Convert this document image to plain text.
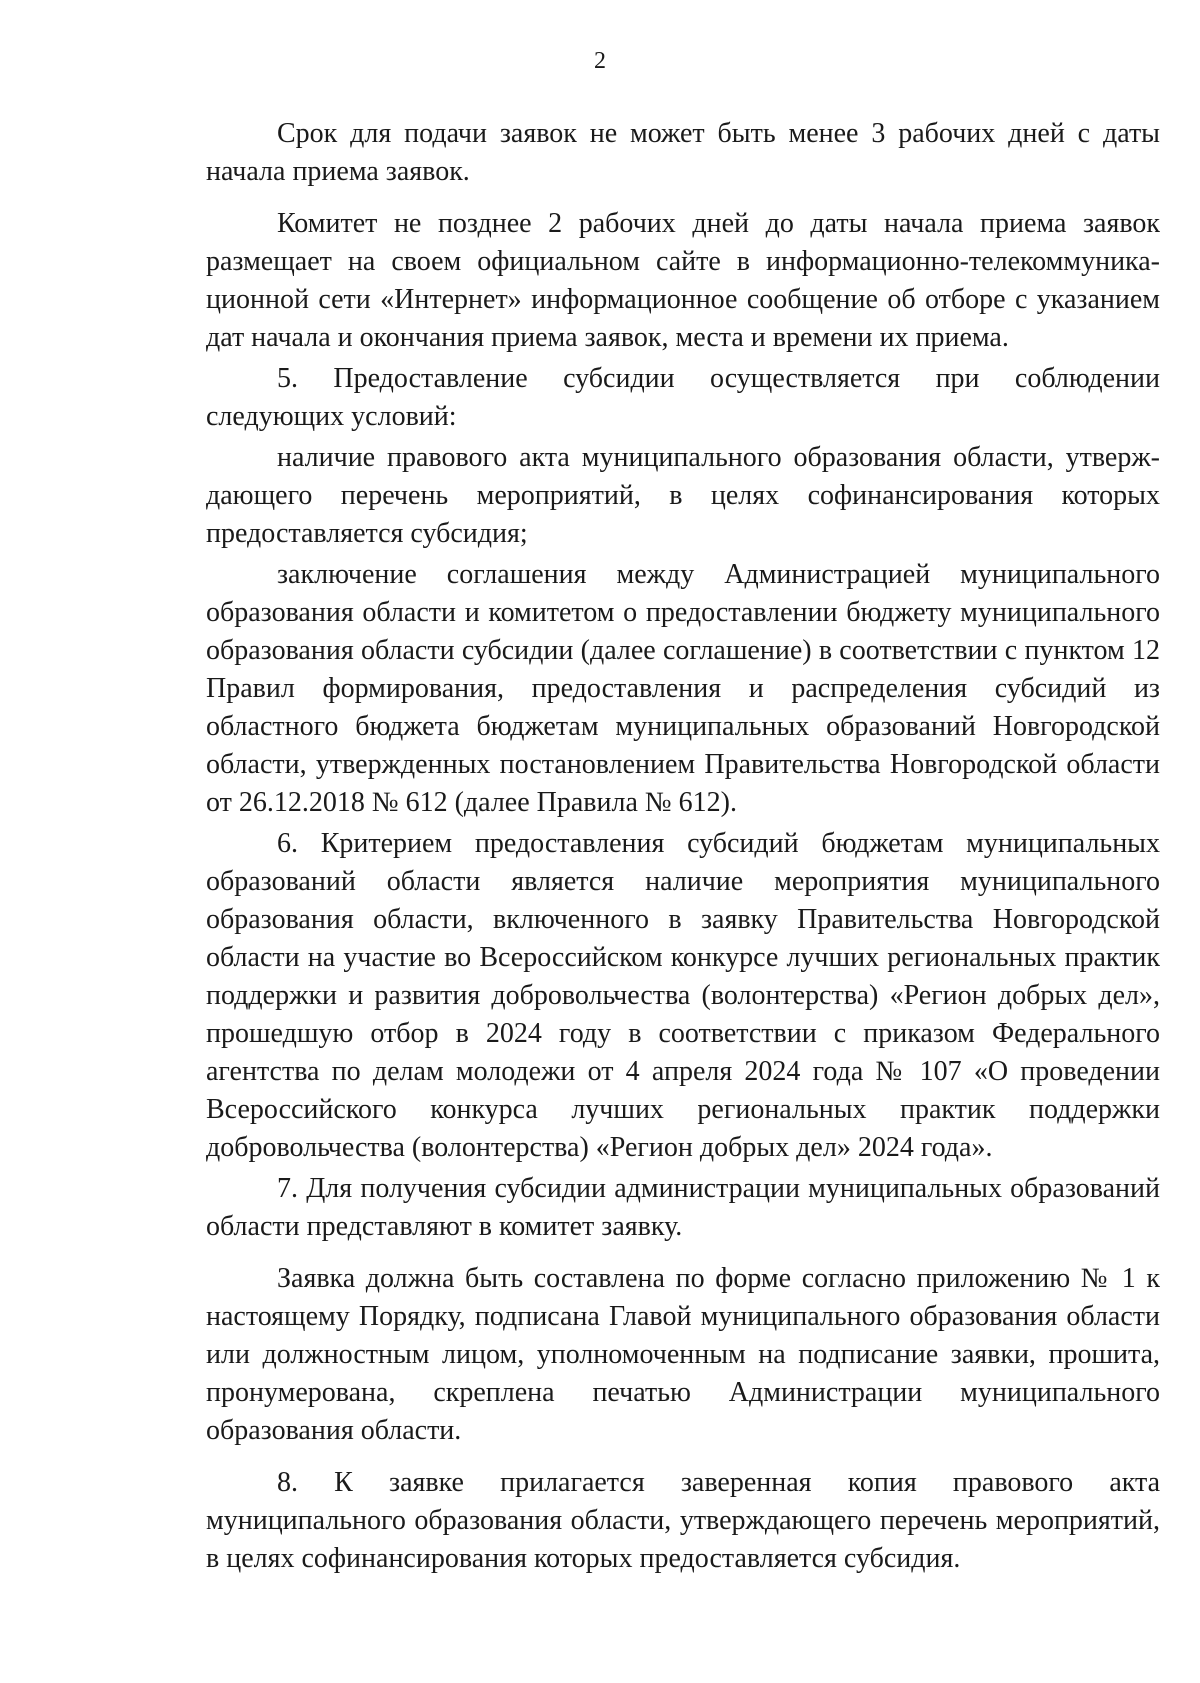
2

Срок для подачи заявок не может быть менее 3 рабочих дней с даты начала приема заявок.

Комитет не позднее 2 рабочих дней до даты начала приема заявок размещает на своем официальном сайте в информационно-телекоммуникационной сети «Интернет» информационное сообщение об отборе с указанием дат начала и окончания приема заявок, места и времени их приема.

5. Предоставление субсидии осуществляется при соблюдении следующих условий:

наличие правового акта муниципального образования области, утверждающего перечень мероприятий, в целях софинансирования которых предоставляется субсидия;

заключение соглашения между Администрацией муниципального образования области и комитетом о предоставлении бюджету муниципального образования области субсидии (далее соглашение) в соответствии с пунктом 12 Правил формирования, предоставления и распределения субсидий из областного бюджета бюджетам муниципальных образований Новгородской области, утвержденных постановлением Правительства Новгородской области от 26.12.2018 № 612 (далее Правила № 612).

6. Критерием предоставления субсидий бюджетам муниципальных образований области является наличие мероприятия муниципального образования области, включенного в заявку Правительства Новгородской области на участие во Всероссийском конкурсе лучших региональных практик поддержки и развития добровольчества (волонтерства) «Регион добрых дел», прошедшую отбор в 2024 году в соответствии с приказом Федерального агентства по делам молодежи от 4 апреля 2024 года № 107 «О проведении Всероссийского конкурса лучших региональных практик поддержки добровольчества (волонтерства) «Регион добрых дел» 2024 года».

7. Для получения субсидии администрации муниципальных образований области представляют в комитет заявку.

Заявка должна быть составлена по форме согласно приложению № 1 к настоящему Порядку, подписана Главой муниципального образования области или должностным лицом, уполномоченным на подписание заявки, прошита, пронумерована, скреплена печатью Администрации муниципального образования области.

8. К заявке прилагается заверенная копия правового акта муниципального образования области, утверждающего перечень мероприятий, в целях софинансирования которых предоставляется субсидия.
